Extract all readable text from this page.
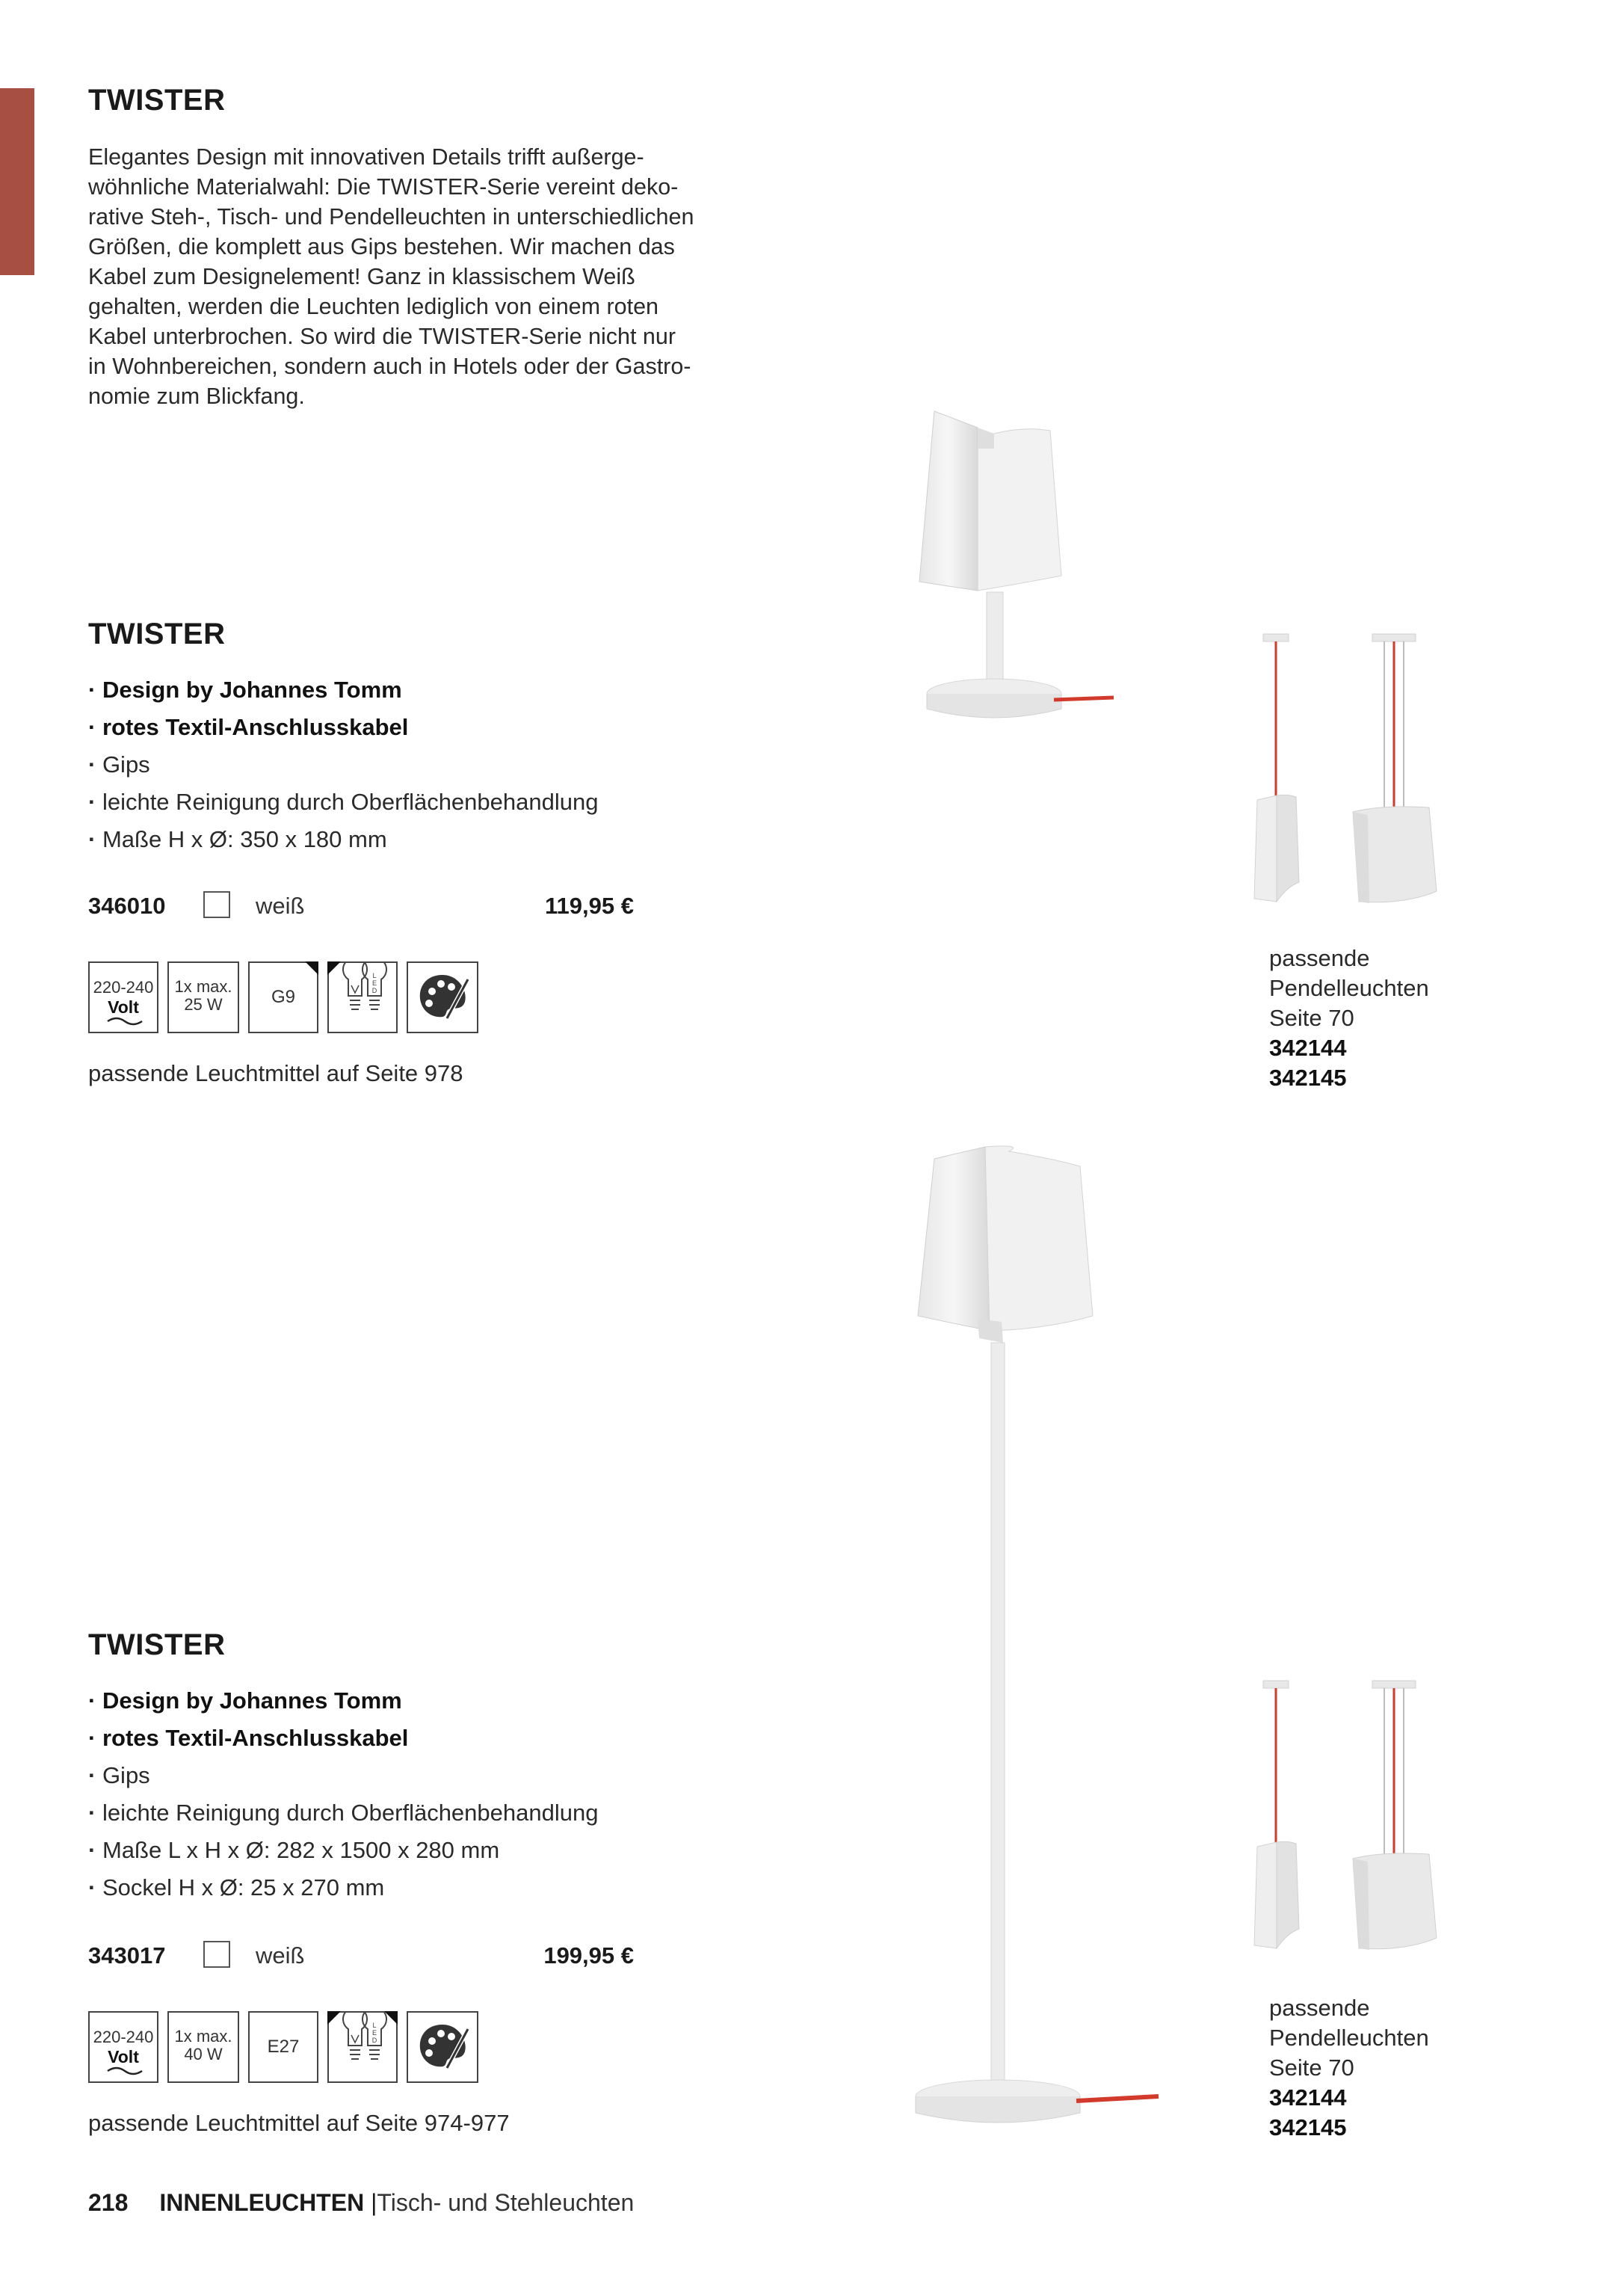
TWISTER

Elegantes Design mit innovativen Details trifft außerge-

wöhnliche Materialwahl: Die TWISTER-Serie vereint deko-

rative Steh-, Tisch- und Pendelleuchten in unterschiedlichen

Größen, die komplett aus Gips bestehen. Wir machen das

Kabel zum Designelement! Ganz in klassischem Weiß

gehalten, werden die Leuchten lediglich von einem roten

Kabel unterbrochen. So wird die TWISTER-Serie nicht nur

in Wohnbereichen, sondern auch in Hotels oder der Gastro-

nomie zum Blickfang.

TWISTER
· Design by Johannes Tomm
· rotes Textil-Anschlusskabel
· Gips
· leichte Reinigung durch Oberflächenbehandlung
· Maße H x Ø: 350 x 180 mm
346010	weiß	119,95 €
220-240
Volt
1x max.
25 W	G9
L
E
D
passende Leuchtmittel auf Seite 978
passende
Pendelleuchten
Seite 70
342144
342145
TWISTER
· Design by Johannes Tomm
· rotes Textil-Anschlusskabel
· Gips
· leichte Reinigung durch Oberflächenbehandlung
· Maße L x H x Ø: 282 x 1500 x 280 mm
· Sockel H x Ø: 25 x 270 mm
343017	weiß	199,95 €
220-240
Volt
1x max.
40 W	E27
L
E
D
passende Leuchtmittel auf Seite 974-977
passende
Pendelleuchten
Seite 70
342144
342145
218 INNENLEUCHTEN |Tisch- und Stehleuchten
